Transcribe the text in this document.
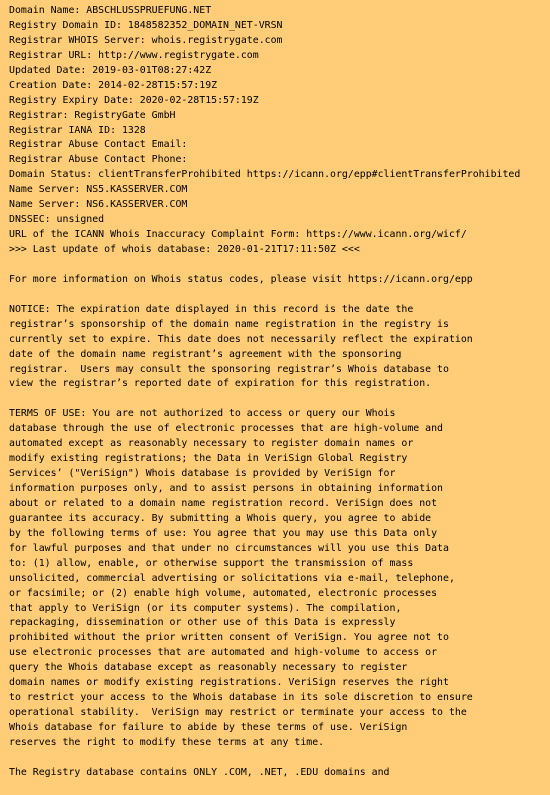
Domain Name: ABSCHLUSSPRUEFUNG.NET
Registry Domain ID: 1848582352_DOMAIN_NET-VRSN
Registrar WHOIS Server: whois.registrygate.com
Registrar URL: http://www.registrygate.com
Updated Date: 2019-03-01T08:27:42Z
Creation Date: 2014-02-28T15:57:19Z
Registry Expiry Date: 2020-02-28T15:57:19Z
Registrar: RegistryGate GmbH
Registrar IANA ID: 1328
Registrar Abuse Contact Email:
Registrar Abuse Contact Phone:
Domain Status: clientTransferProhibited https://icann.org/epp#clientTransferProhibited
Name Server: NS5.KASSERVER.COM
Name Server: NS6.KASSERVER.COM
DNSSEC: unsigned
URL of the ICANN Whois Inaccuracy Complaint Form: https://www.icann.org/wicf/
>>> Last update of whois database: 2020-01-21T17:11:50Z <<<

For more information on Whois status codes, please visit https://icann.org/epp

NOTICE: The expiration date displayed in this record is the date the
registrar’s sponsorship of the domain name registration in the registry is
currently set to expire. This date does not necessarily reflect the expiration
date of the domain name registrant’s agreement with the sponsoring
registrar.  Users may consult the sponsoring registrar’s Whois database to
view the registrar’s reported date of expiration for this registration.

TERMS OF USE: You are not authorized to access or query our Whois
database through the use of electronic processes that are high-volume and
automated except as reasonably necessary to register domain names or
modify existing registrations; the Data in VeriSign Global Registry
Services’ ("VeriSign") Whois database is provided by VeriSign for
information purposes only, and to assist persons in obtaining information
about or related to a domain name registration record. VeriSign does not
guarantee its accuracy. By submitting a Whois query, you agree to abide
by the following terms of use: You agree that you may use this Data only
for lawful purposes and that under no circumstances will you use this Data
to: (1) allow, enable, or otherwise support the transmission of mass
unsolicited, commercial advertising or solicitations via e-mail, telephone,
or facsimile; or (2) enable high volume, automated, electronic processes
that apply to VeriSign (or its computer systems). The compilation,
repackaging, dissemination or other use of this Data is expressly
prohibited without the prior written consent of VeriSign. You agree not to
use electronic processes that are automated and high-volume to access or
query the Whois database except as reasonably necessary to register
domain names or modify existing registrations. VeriSign reserves the right
to restrict your access to the Whois database in its sole discretion to ensure
operational stability.  VeriSign may restrict or terminate your access to the
Whois database for failure to abide by these terms of use. VeriSign
reserves the right to modify these terms at any time.

The Registry database contains ONLY .COM, .NET, .EDU domains and
